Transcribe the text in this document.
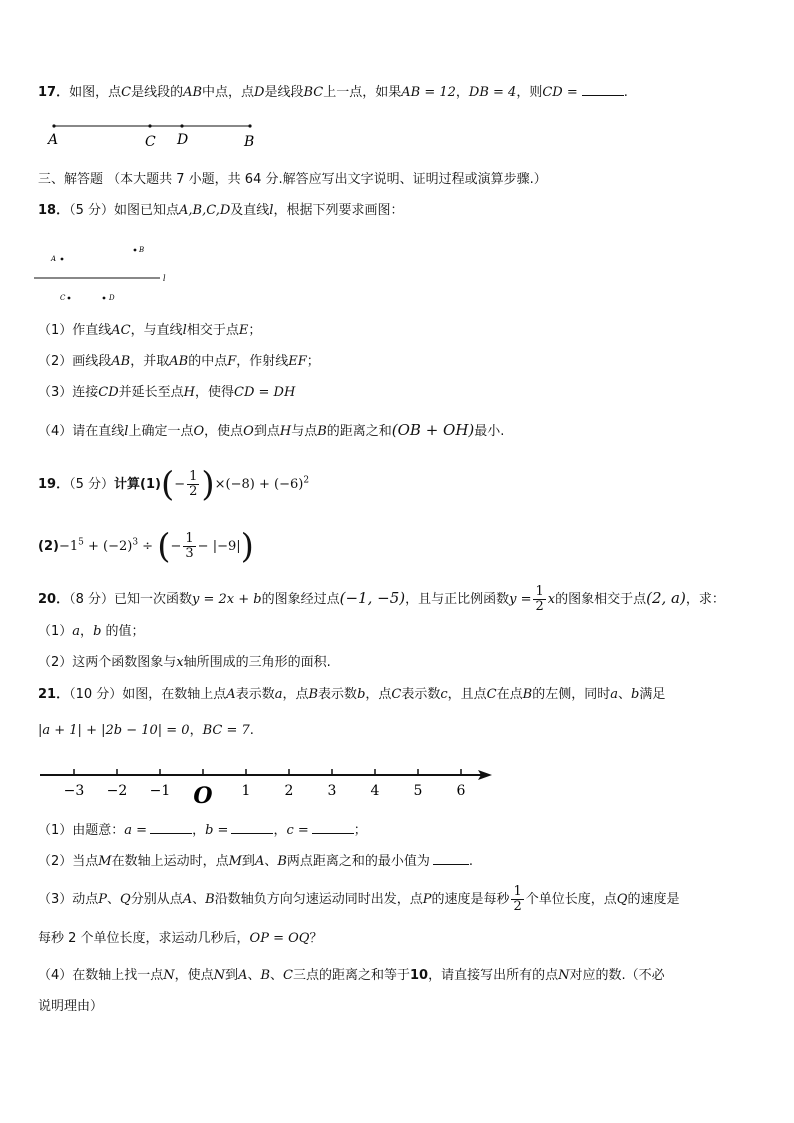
17．如图，点C是线段的AB中点，点D是线段BC上一点，如果AB = 12，DB = 4，则CD =	.
A	C D	B
三、解答题 （本大题共 7 小题，共 64 分.解答应写出文字说明、证明过程或演算步骤.）
18．（5 分）如图已知点A,B,C,D及直线l，根据下列要求画图：
A
B
l
C	D
（1）作直线AC，与直线l相交于点E；
（2）画线段AB，并取AB的中点F，作射线EF；
（3）连接CD并延长至点H，使得CD = DH
（4）请在直线l上确定一点O，使点O到点H与点B的距离之和(OB + OH)最小.
19．（5 分）计算$(1)(- \frac{1}{2} )\times(-8) + (-6)^2$
$(2)-1^5 + (-2)^3$ ÷ (− $\frac{1}{3} - |-9|$)
20．（8 分）已知一次函数y = 2x + b的图象经过点(−1, −5)，且与正比例函数$y = \frac{1}{2}$ x的图象相交于点(2, a)，求：
（1）a，b 的值；
（2）这两个函数图象与x轴所围成的三角形的面积.
21．（10 分）如图，在数轴上点A表示数a，点B表示数b，点C表示数c，且点C在点B的左侧，同时a、b满足
|a + 1| + |2b − 10| = 0，BC = 7.
−3 −2 −1 O 1 2 3 4 5 6
（1）由题意：a =	，b =	，c =	；
（2）当点M在数轴上运动时，点M到A、B两点距离之和的最小值为	.
（3）动点P、Q分别从点A、B沿数轴负方向匀速运动同时出发，点P的速度是每秒 $\frac{1}{2}$ 个单位长度，点Q的速度是
每秒 2 个单位长度，求运动几秒后，OP = OQ？
（4）在数轴上找一点N，使点N到A、B、C三点的距离之和等于10，请直接写出所有的点N对应的数.（不必
说明理由）
